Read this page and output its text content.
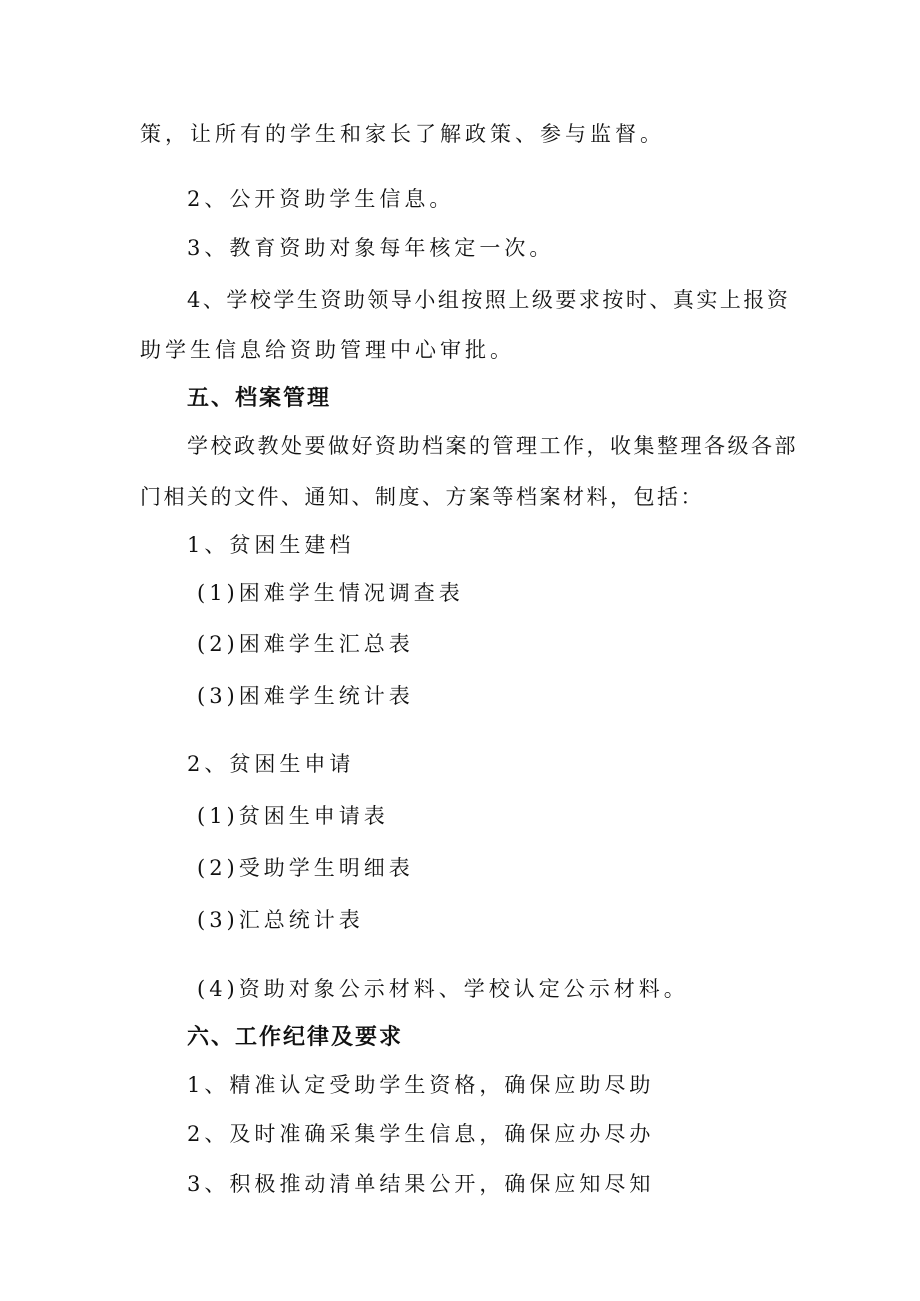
策，让所有的学生和家长了解政策、参与监督。
2、公开资助学生信息。
3、教育资助对象每年核定一次。
4、学校学生资助领导小组按照上级要求按时、真实上报资
助学生信息给资助管理中心审批。
五、档案管理
学校政教处要做好资助档案的管理工作，收集整理各级各部
门相关的文件、通知、制度、方案等档案材料，包括：
1、贫困生建档
(1)困难学生情况调查表
(2)困难学生汇总表
(3)困难学生统计表
2、贫困生申请
(1)贫困生申请表
(2)受助学生明细表
(3)汇总统计表
(4)资助对象公示材料、学校认定公示材料。
六、工作纪律及要求
1、精准认定受助学生资格，确保应助尽助
2、及时准确采集学生信息，确保应办尽办
3、积极推动清单结果公开，确保应知尽知
